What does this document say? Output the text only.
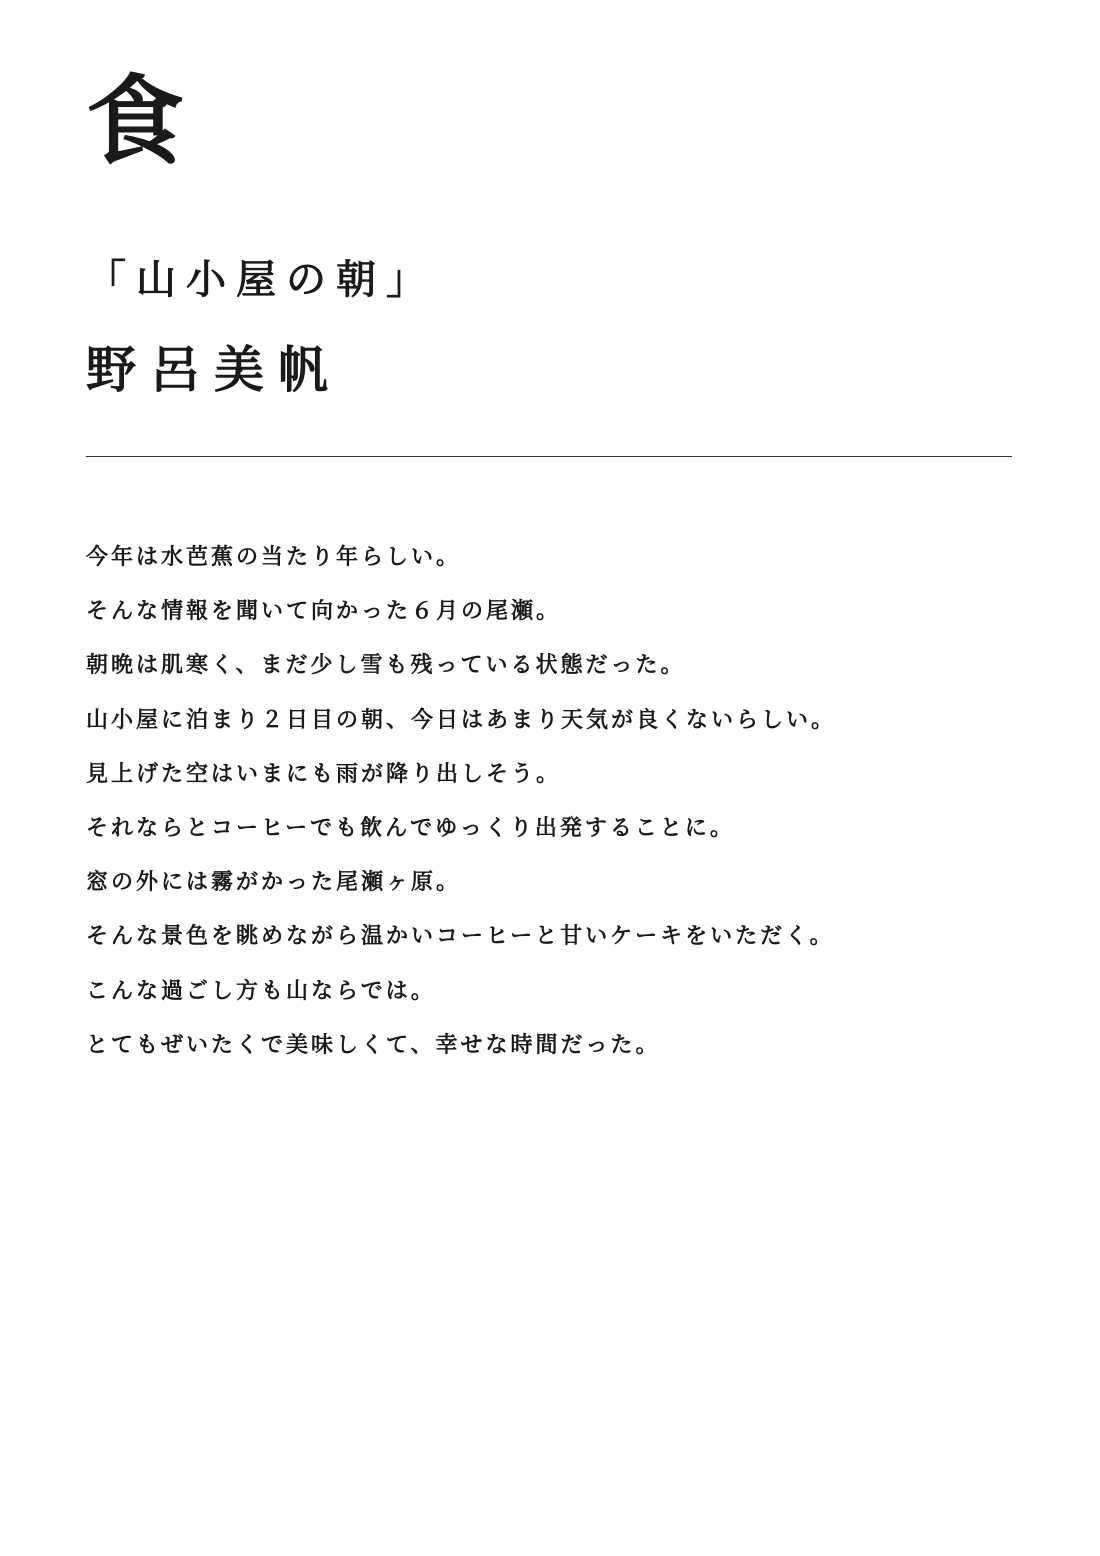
食
「山小屋の朝」

野呂美帆

今年は水芭蕉の当たり年らしい。
そんな情報を聞いて向かった６月の尾瀬。
朝晩は肌寒く、まだ少し雪も残っている状態だった。
山小屋に泊まり２日目の朝、今日はあまり天気が良くないらしい。
見上げた空はいまにも雨が降り出しそう。
それならとコーヒーでも飲んでゆっくり出発することに。
窓の外には霧がかった尾瀬ヶ原。
そんな景色を眺めながら温かいコーヒーと甘いケーキをいただく。
こんな過ごし方も山ならでは。
とてもぜいたくで美味しくて、幸せな時間だった。
